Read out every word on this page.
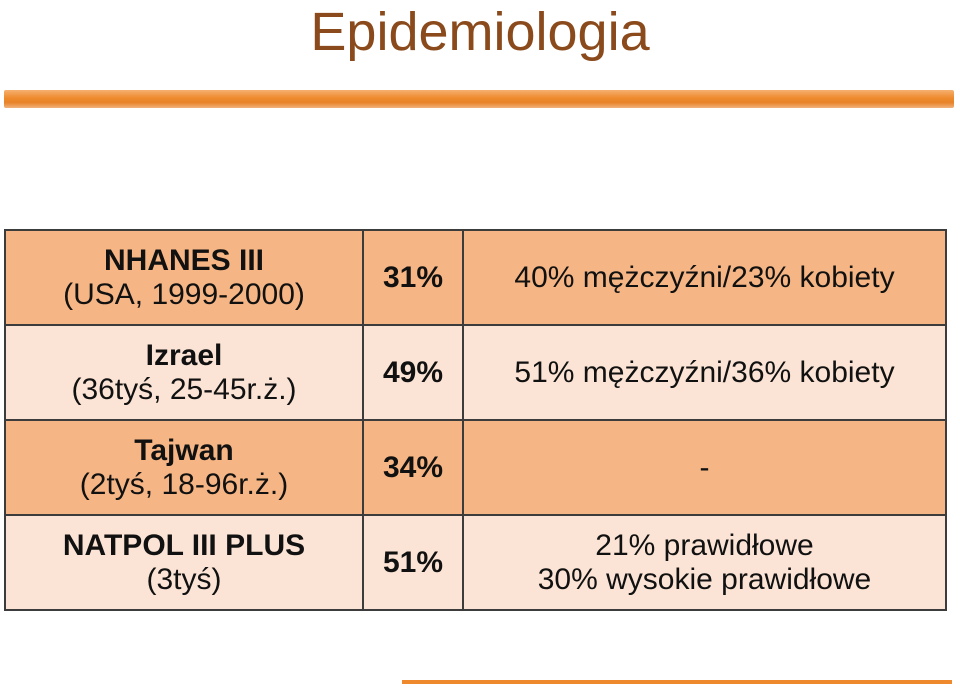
Epidemiologia
NHANES III
(USA, 1999-2000)	31%	40% mężczyźni/23% kobiety

Izrael
(36tyś, 25-45r.ż.)	49%	51% mężczyźni/36% kobiety

Tajwan
(2tyś, 18-96r.ż.)	34%	-

NATPOL III PLUS
(3tyś)	51%	21% prawidłowe
30% wysokie prawidłowe
